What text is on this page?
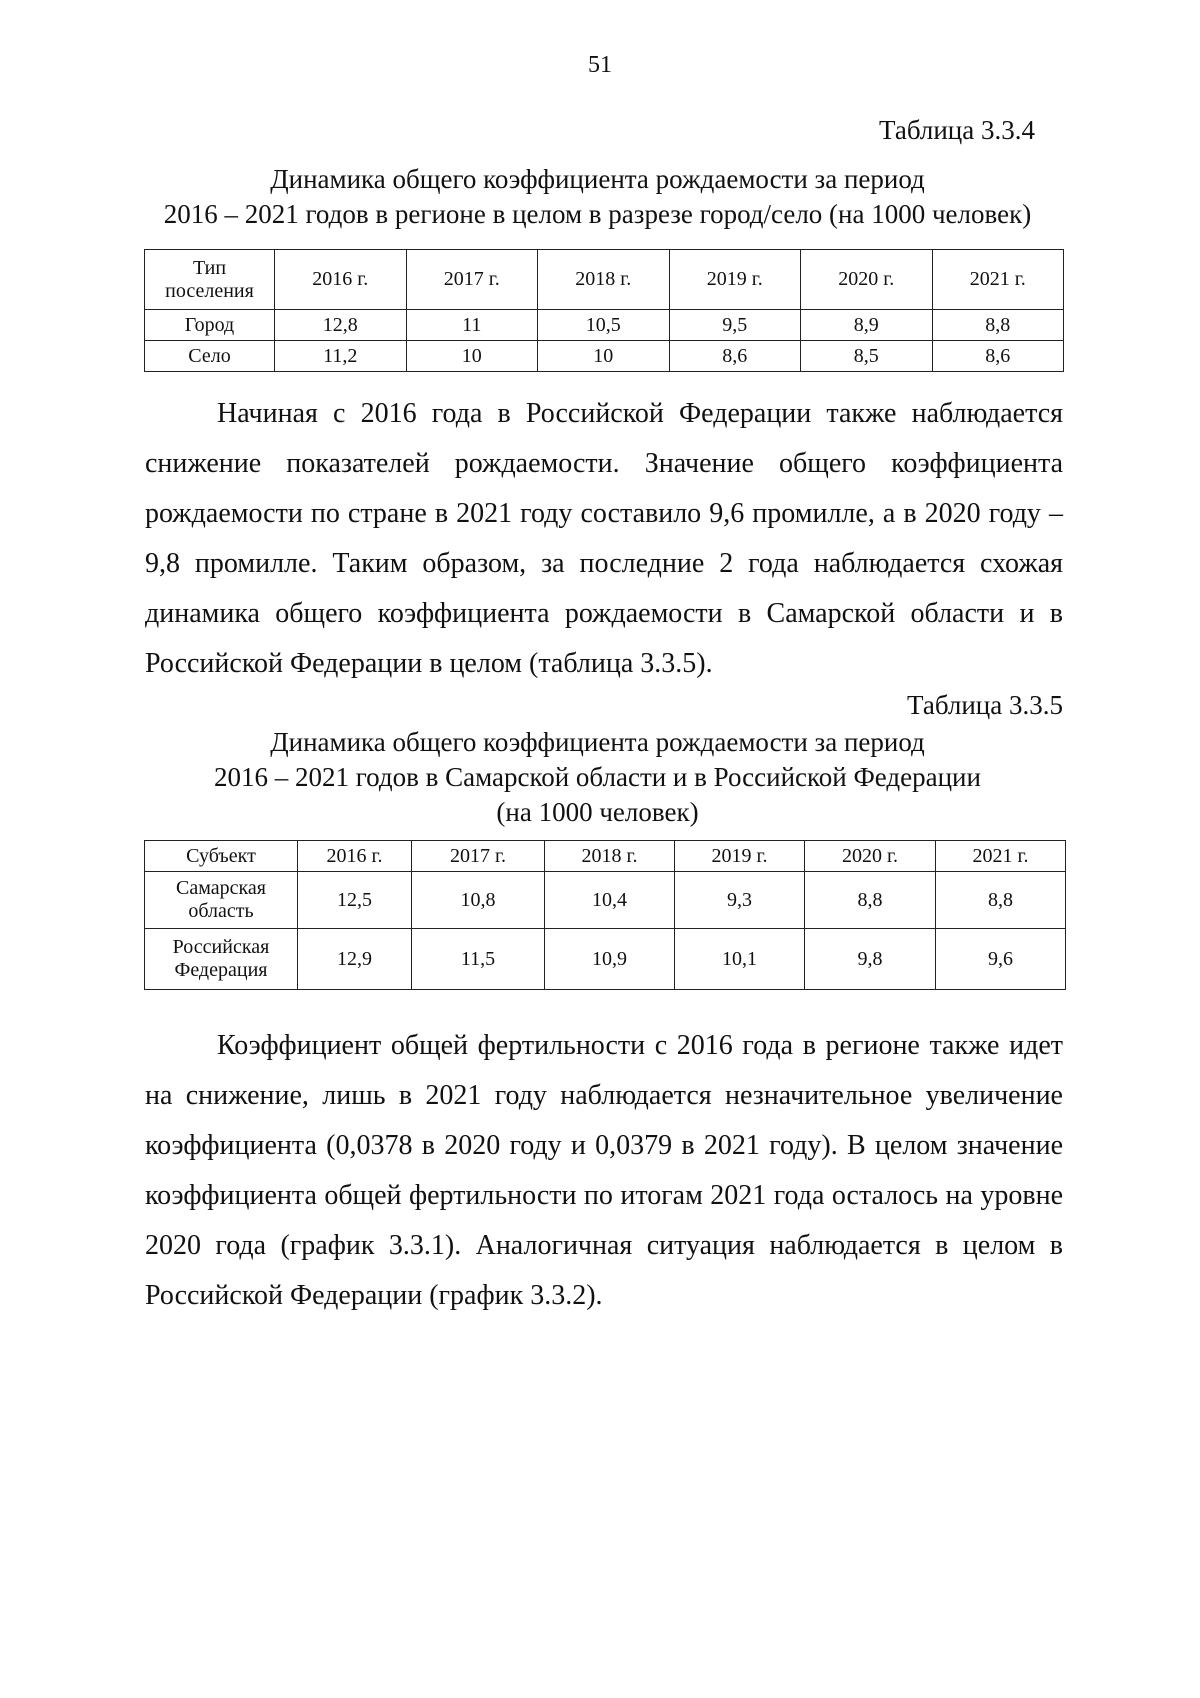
51
Таблица 3.3.4
Динамика общего коэффициента рождаемости за период
2016 – 2021 годов в регионе в целом в разрезе город/село (на 1000 человек)
Тип
поселения	2016 г.	2017 г.	2018 г.	2019 г.	2020 г.	2021 г.
Город	12,8	11	10,5	9,5	8,9	8,8
Село	11,2	10	10	8,6	8,5	8,6
Начиная с 2016 года в Российской Федерации также наблюдается снижение показателей рождаемости. Значение общего коэффициента рождаемости по стране в 2021 году составило 9,6 промилле, а в 2020 году – 9,8 промилле. Таким образом, за последние 2 года наблюдается схожая динамика общего коэффициента рождаемости в Самарской области и в Российской Федерации в целом (таблица 3.3.5).
Таблица 3.3.5
Динамика общего коэффициента рождаемости за период
2016 – 2021 годов в Самарской области и в Российской Федерации
(на 1000 человек)
Субъект	2016 г.	2017 г.	2018 г.	2019 г.	2020 г.	2021 г.
Самарская
область	12,5	10,8	10,4	9,3	8,8	8,8
Российская
Федерация	12,9	11,5	10,9	10,1	9,8	9,6
Коэффициент общей фертильности с 2016 года в регионе также идет на снижение, лишь в 2021 году наблюдается незначительное увеличение коэффициента (0,0378 в 2020 году и 0,0379 в 2021 году). В целом значение коэффициента общей фертильности по итогам 2021 года осталось на уровне 2020 года (график 3.3.1). Аналогичная ситуация наблюдается в целом в Российской Федерации (график 3.3.2).
